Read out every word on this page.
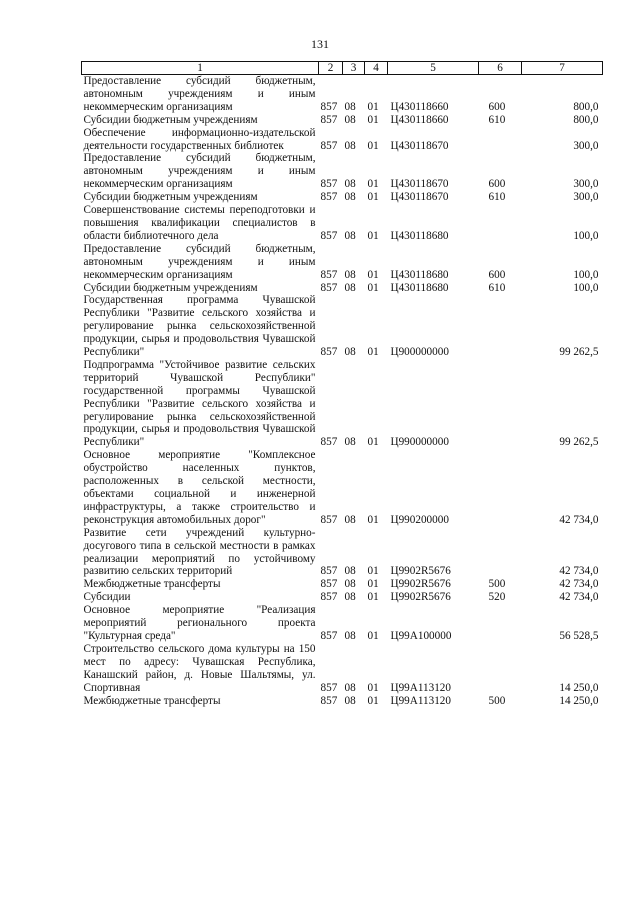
131
1	2	3	4	5	6	7
Предоставление субсидий бюджетным, автономным учреждениям и иным некоммерческим организациям	857	08	01	Ц430118660	600	800,0
Субсидии бюджетным учреждениям	857	08	01	Ц430118660	610	800,0
Обеспечение информационно-издательской деятельности государственных библиотек	857	08	01	Ц430118670		300,0
Предоставление субсидий бюджетным, автономным учреждениям и иным некоммерческим организациям	857	08	01	Ц430118670	600	300,0
Субсидии бюджетным учреждениям	857	08	01	Ц430118670	610	300,0
Совершенствование системы переподготовки и повышения квалификации специалистов в области библиотечного дела	857	08	01	Ц430118680		100,0
Предоставление субсидий бюджетным, автономным учреждениям и иным некоммерческим организациям	857	08	01	Ц430118680	600	100,0
Субсидии бюджетным учреждениям	857	08	01	Ц430118680	610	100,0
Государственная программа Чувашской Республики "Развитие сельского хозяйства и регулирование рынка сельскохозяйственной продукции, сырья и продовольствия Чувашской Республики"	857	08	01	Ц900000000		99 262,5
Подпрограмма "Устойчивое развитие сельских территорий Чувашской Республики" государственной программы Чувашской Республики "Развитие сельского хозяйства и регулирование рынка сельскохозяйственной продукции, сырья и продовольствия Чувашской Республики"	857	08	01	Ц990000000		99 262,5
Основное мероприятие "Комплексное обустройство населенных пунктов, расположенных в сельской местности, объектами социальной и инженерной инфраструктуры, а также строительство и реконструкция автомобильных дорог"	857	08	01	Ц990200000		42 734,0
Развитие сети учреждений культурно-досугового типа в сельской местности в рамках реализации мероприятий по устойчивому развитию сельских территорий	857	08	01	Ц9902R5676		42 734,0
Межбюджетные трансферты	857	08	01	Ц9902R5676	500	42 734,0
Субсидии	857	08	01	Ц9902R5676	520	42 734,0
Основное мероприятие "Реализация мероприятий регионального проекта "Культурная среда"	857	08	01	Ц99А100000		56 528,5
Строительство сельского дома культуры на 150 мест по адресу: Чувашская Республика, Канашский район, д. Новые Шальтямы, ул. Спортивная	857	08	01	Ц99А113120		14 250,0
Межбюджетные трансферты	857	08	01	Ц99А113120	500	14 250,0
